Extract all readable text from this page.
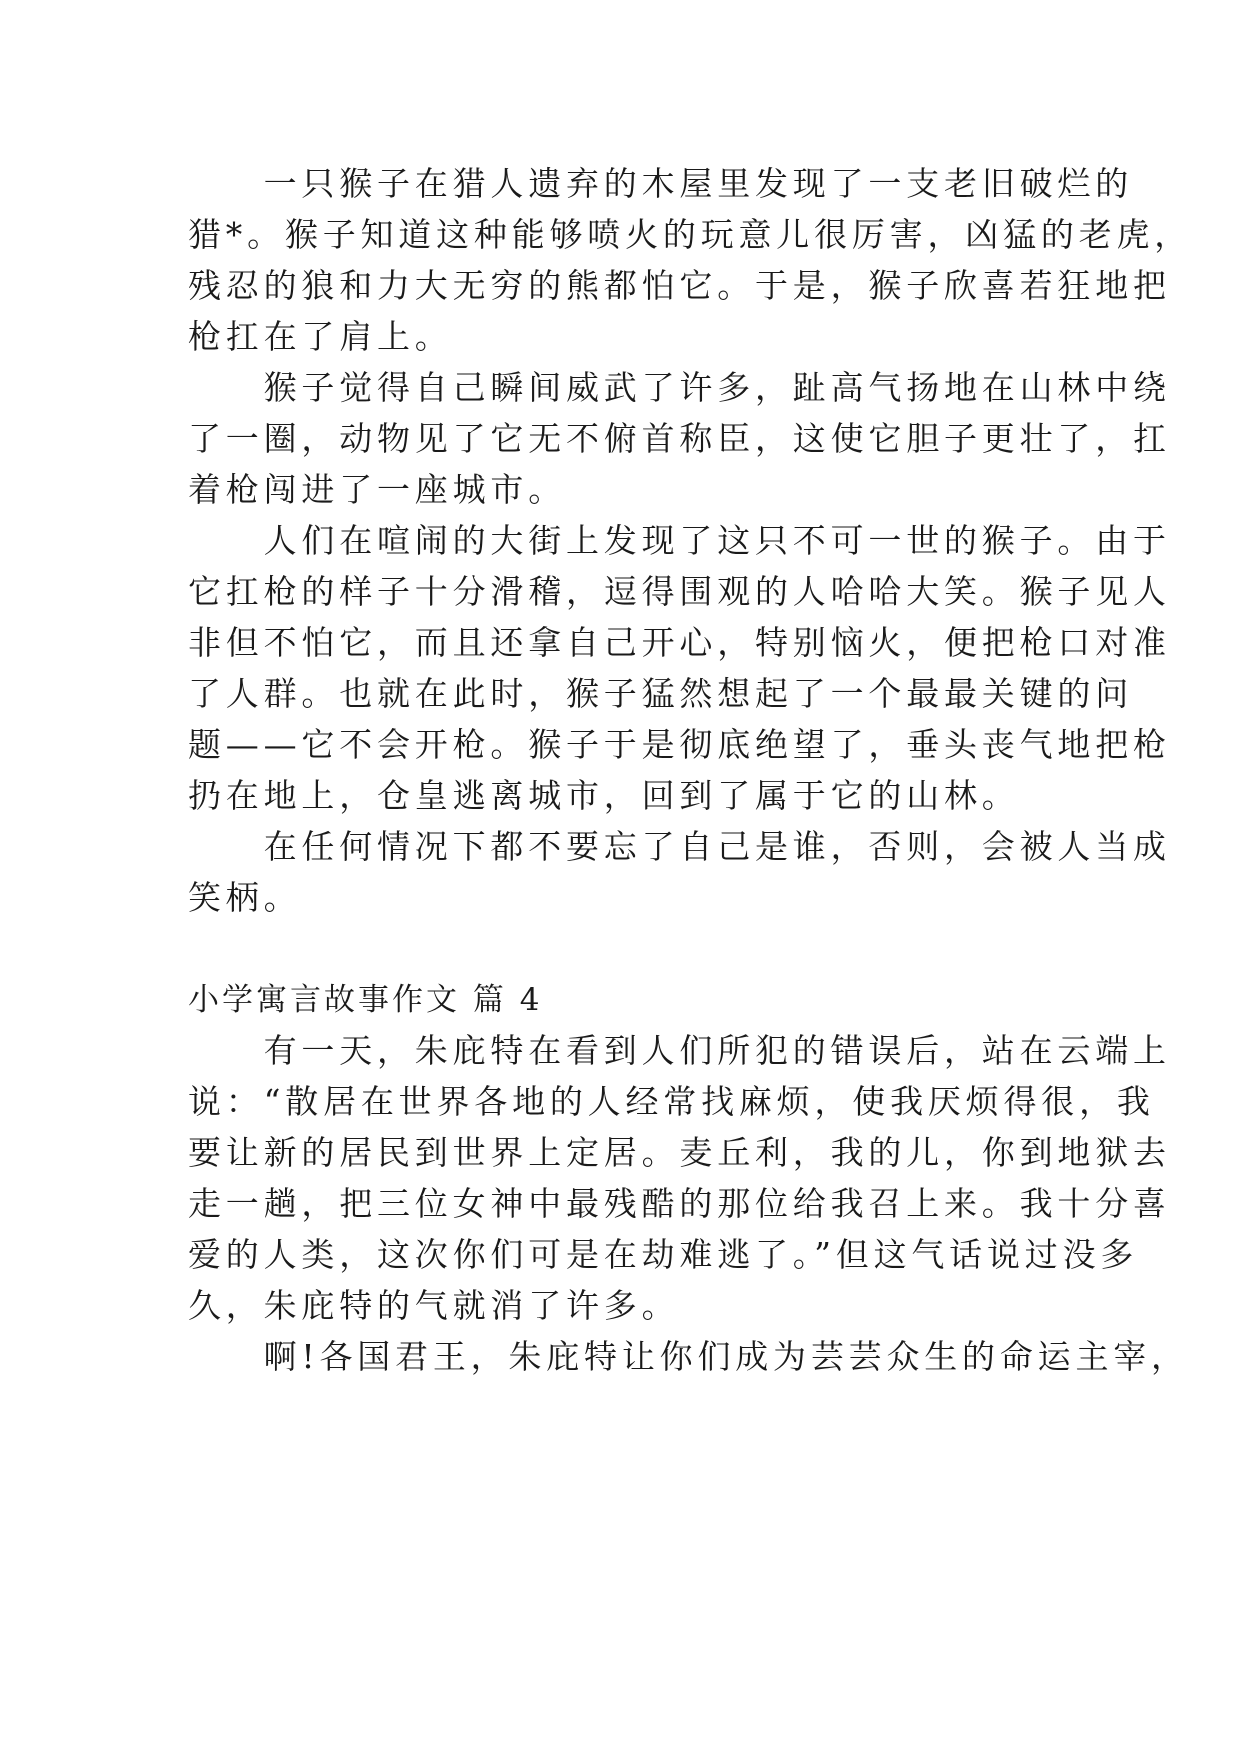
　　一只猴子在猎人遗弃的木屋里发现了一支老旧破烂的
猎*。猴子知道这种能够喷火的玩意儿很厉害，凶猛的老虎，
残忍的狼和力大无穷的熊都怕它。于是，猴子欣喜若狂地把
枪扛在了肩上。
　　猴子觉得自己瞬间威武了许多，趾高气扬地在山林中绕
了一圈，动物见了它无不俯首称臣，这使它胆子更壮了，扛
着枪闯进了一座城市。
　　人们在喧闹的大街上发现了这只不可一世的猴子。由于
它扛枪的样子十分滑稽，逗得围观的人哈哈大笑。猴子见人
非但不怕它，而且还拿自己开心，特别恼火，便把枪口对准
了人群。也就在此时，猴子猛然想起了一个最最关键的问
题——它不会开枪。猴子于是彻底绝望了，垂头丧气地把枪
扔在地上，仓皇逃离城市，回到了属于它的山林。
　　在任何情况下都不要忘了自己是谁，否则，会被人当成
笑柄。
小学寓言故事作文 篇 4
　　有一天，朱庇特在看到人们所犯的错误后，站在云端上
说：“散居在世界各地的人经常找麻烦，使我厌烦得很，我
要让新的居民到世界上定居。麦丘利，我的儿，你到地狱去
走一趟，把三位女神中最残酷的那位给我召上来。我十分喜
爱的人类，这次你们可是在劫难逃了。”但这气话说过没多
久，朱庇特的气就消了许多。
　　啊!各国君王，朱庇特让你们成为芸芸众生的命运主宰，
